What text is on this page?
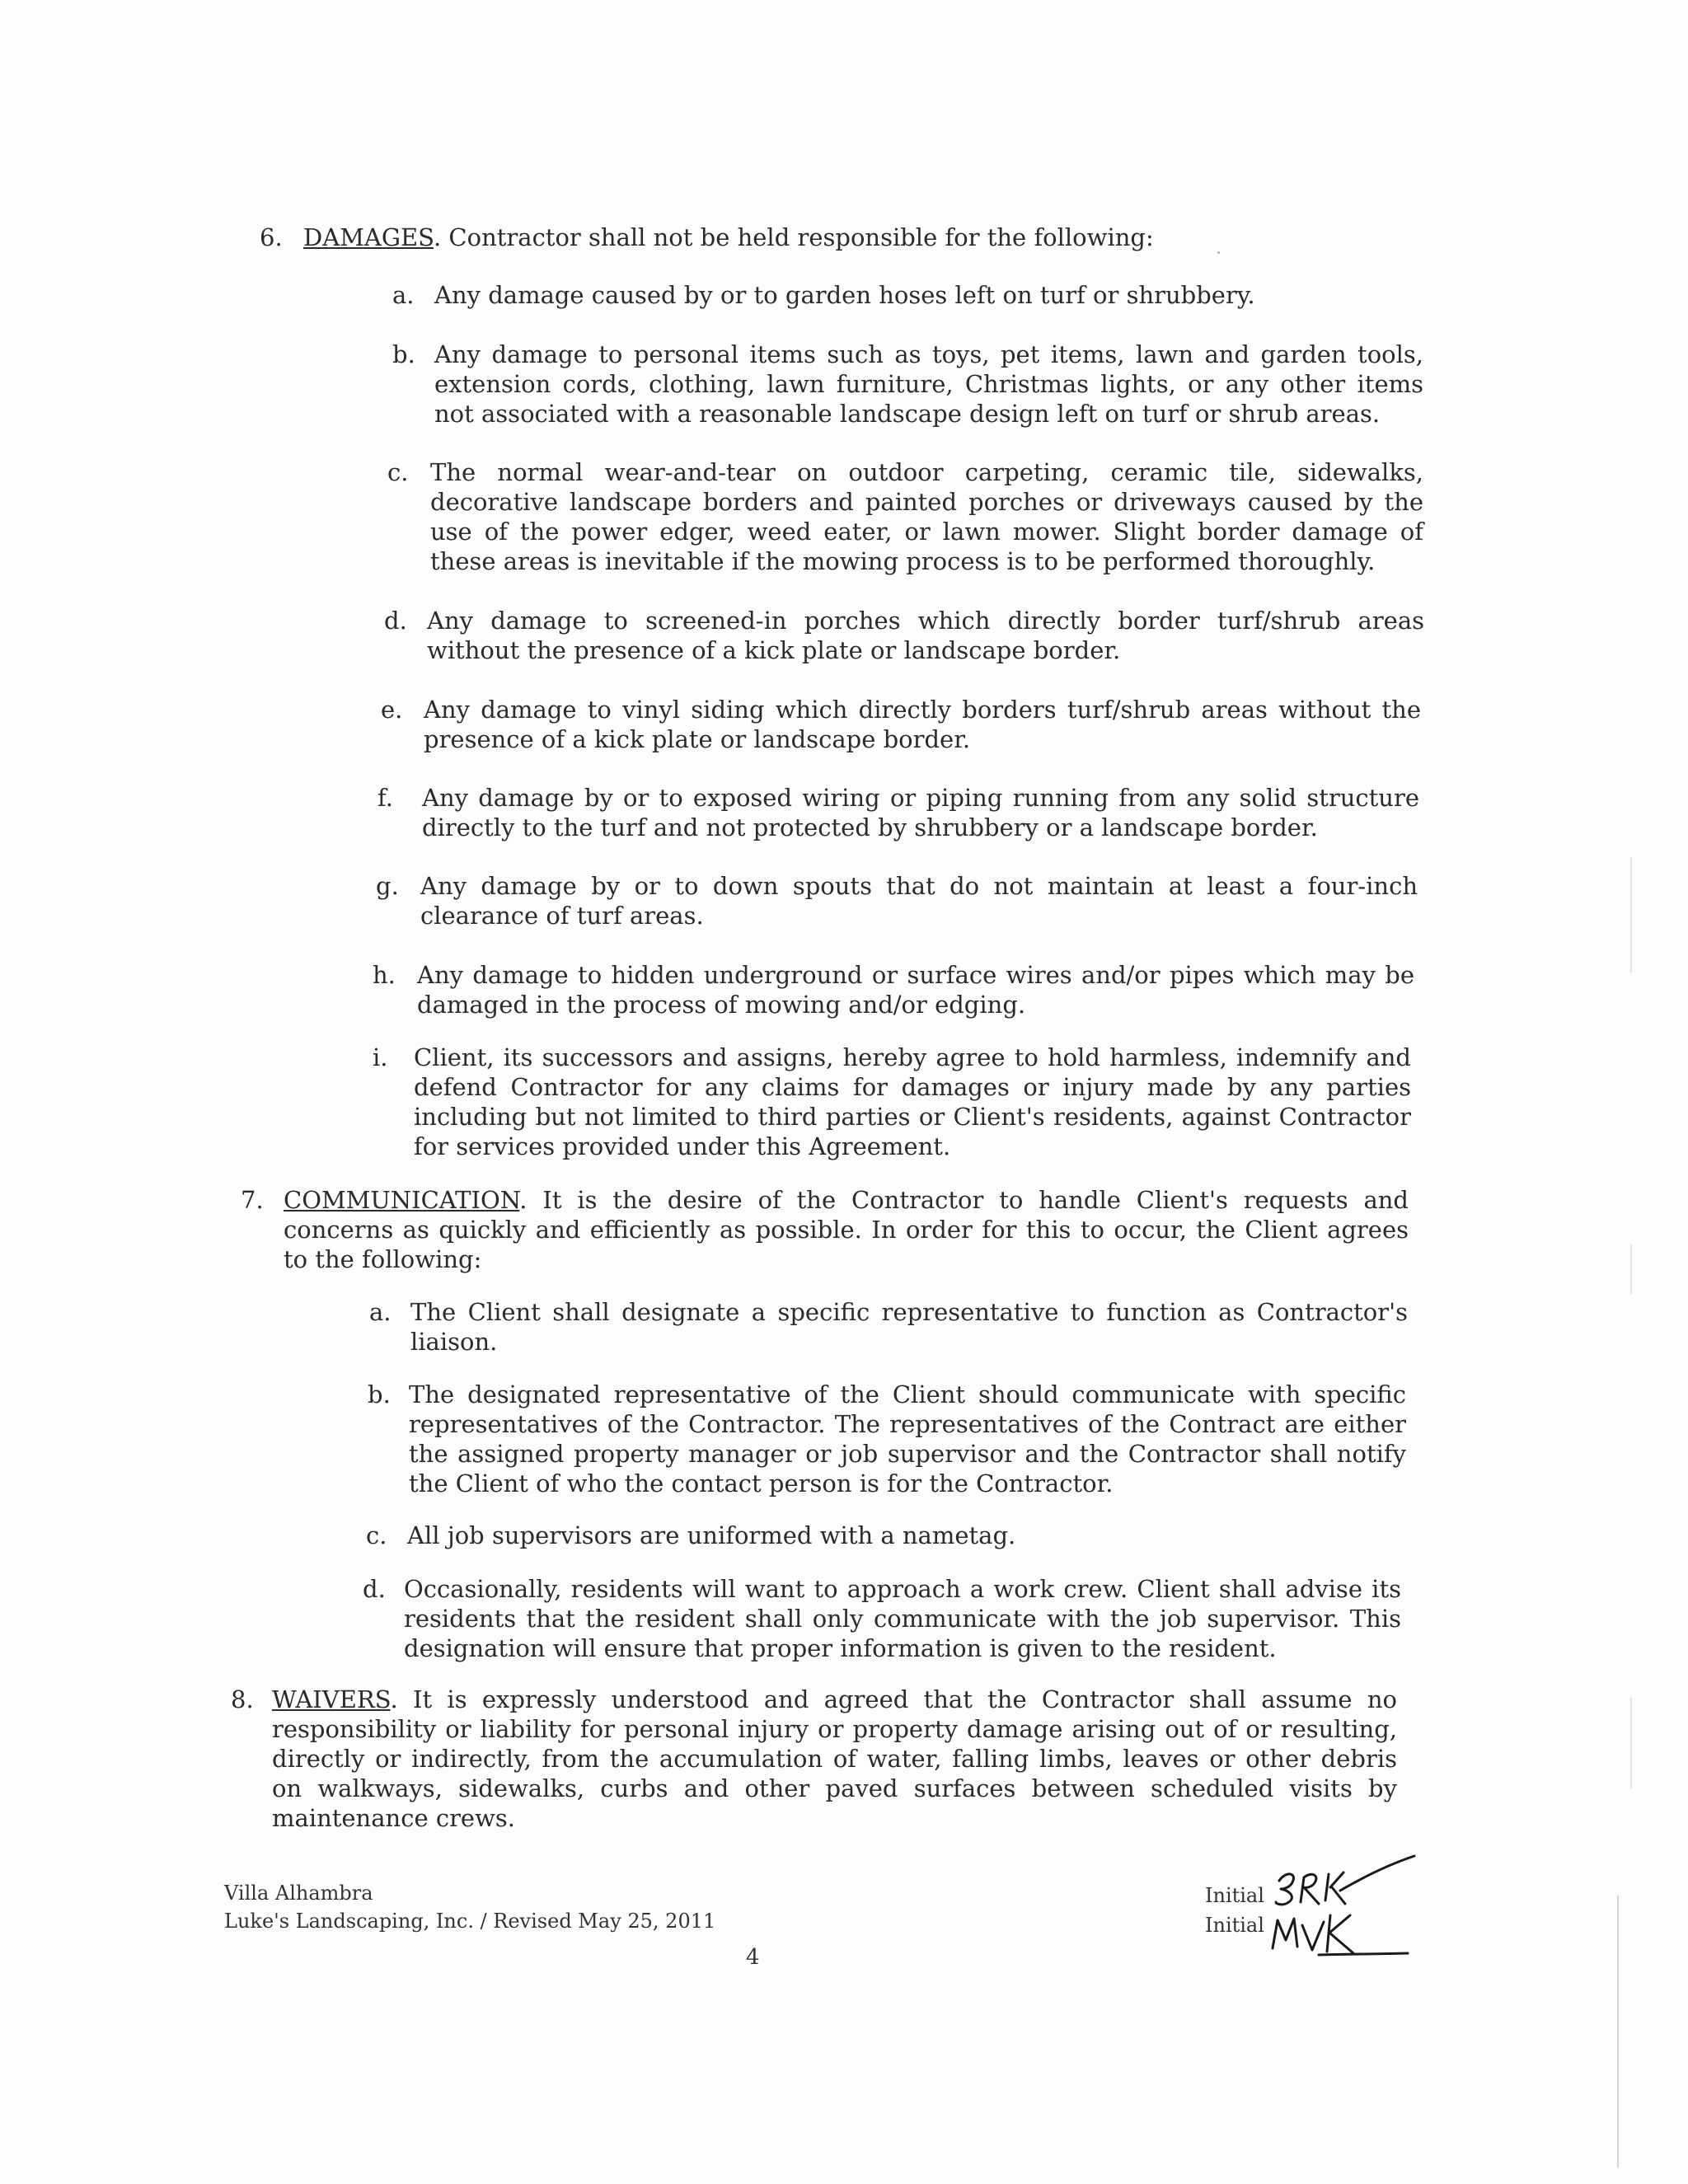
6. DAMAGES. Contractor shall not be held responsible for the following:
a. Any damage caused by or to garden hoses left on turf or shrubbery.
b. Any damage to personal items such as toys, pet items, lawn and garden tools, extension cords, clothing, lawn furniture, Christmas lights, or any other items not associated with a reasonable landscape design left on turf or shrub areas.
c. The normal wear-and-tear on outdoor carpeting, ceramic tile, sidewalks, decorative landscape borders and painted porches or driveways caused by the use of the power edger, weed eater, or lawn mower. Slight border damage of these areas is inevitable if the mowing process is to be performed thoroughly.
d. Any damage to screened-in porches which directly border turf/shrub areas without the presence of a kick plate or landscape border.
e. Any damage to vinyl siding which directly borders turf/shrub areas without the presence of a kick plate or landscape border.
f. Any damage by or to exposed wiring or piping running from any solid structure directly to the turf and not protected by shrubbery or a landscape border.
g. Any damage by or to down spouts that do not maintain at least a four-inch clearance of turf areas.
h. Any damage to hidden underground or surface wires and/or pipes which may be damaged in the process of mowing and/or edging.
i. Client, its successors and assigns, hereby agree to hold harmless, indemnify and defend Contractor for any claims for damages or injury made by any parties including but not limited to third parties or Client's residents, against Contractor for services provided under this Agreement.
7. COMMUNICATION. It is the desire of the Contractor to handle Client's requests and concerns as quickly and efficiently as possible. In order for this to occur, the Client agrees to the following:
a. The Client shall designate a specific representative to function as Contractor's liaison.
b. The designated representative of the Client should communicate with specific representatives of the Contractor. The representatives of the Contract are either the assigned property manager or job supervisor and the Contractor shall notify the Client of who the contact person is for the Contractor.
c. All job supervisors are uniformed with a nametag.
d. Occasionally, residents will want to approach a work crew. Client shall advise its residents that the resident shall only communicate with the job supervisor. This designation will ensure that proper information is given to the resident.
8. WAIVERS. It is expressly understood and agreed that the Contractor shall assume no responsibility or liability for personal injury or property damage arising out of or resulting, directly or indirectly, from the accumulation of water, falling limbs, leaves or other debris on walkways, sidewalks, curbs and other paved surfaces between scheduled visits by maintenance crews.
Villa Alhambra
Luke's Landscaping, Inc. / Revised May 25, 2011
4
Initial
Initial
